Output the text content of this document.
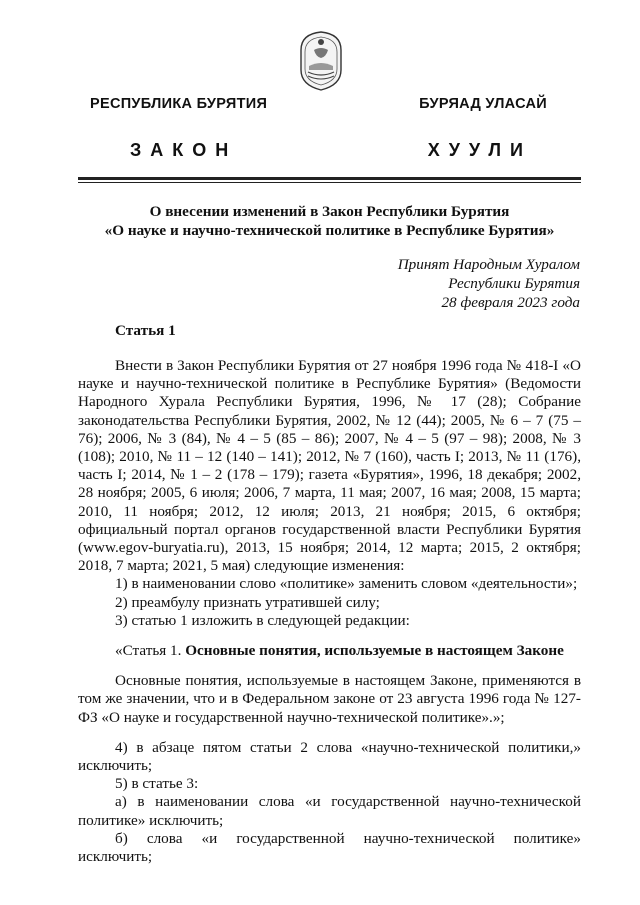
РЕСПУБЛИКА БУРЯТИЯ	БУРЯАД УЛАСАЙ
ЗАКОН	ХУУЛИ
О внесении изменений в Закон Республики Бурятия
«О науке и научно-технической политике в Республике Бурятия»
Принят Народным Хуралом
Республики Бурятия
28 февраля 2023 года
Статья 1

Внести в Закон Республики Бурятия от 27 ноября 1996 года № 418-I «О науке и научно-технической политике в Республике Бурятия» (Ведомости Народного Хурала Республики Бурятия, 1996, № 17 (28); Собрание законодательства Республики Бурятия, 2002, № 12 (44); 2005, № 6 – 7 (75 – 76); 2006, № 3 (84), № 4 – 5 (85 – 86); 2007, № 4 – 5 (97 – 98); 2008, № 3 (108); 2010, № 11 – 12 (140 – 141); 2012, № 7 (160), часть I; 2013, № 11 (176), часть I; 2014, № 1 – 2 (178 – 179); газета «Бурятия», 1996, 18 декабря; 2002, 28 ноября; 2005, 6 июля; 2006, 7 марта, 11 мая; 2007, 16 мая; 2008, 15 марта; 2010, 11 ноября; 2012, 12 июля; 2013, 21 ноября; 2015, 6 октября; официальный портал органов государственной власти Республики Бурятия (www.egov-buryatia.ru), 2013, 15 ноября; 2014, 12 марта; 2015, 2 октября; 2018, 7 марта; 2021, 5 мая) следующие изменения:

1) в наименовании слово «политике» заменить словом «деятельности»;

2) преамбулу признать утратившей силу;

3) статью 1 изложить в следующей редакции:

«Статья 1. Основные понятия, используемые в настоящем Законе

Основные понятия, используемые в настоящем Законе, применяются в том же значении, что и в Федеральном законе от 23 августа 1996 года № 127-ФЗ «О науке и государственной научно-технической политике».»;

4) в абзаце пятом статьи 2 слова «научно-технической политики,» исключить;

5) в статье 3:

а) в наименовании слова «и государственной научно-технической политике» исключить;

б) слова «и государственной научно-технической политике» исключить;
